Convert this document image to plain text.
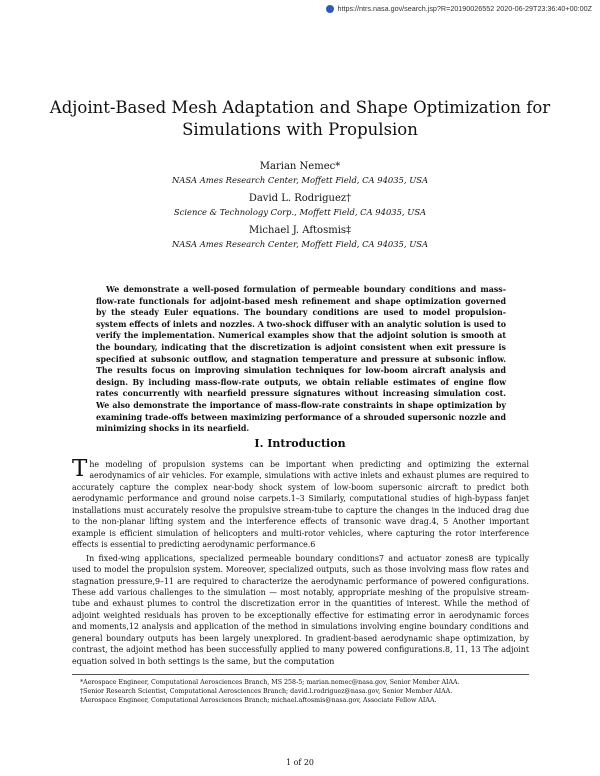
https://ntrs.nasa.gov/search.jsp?R=20190026552 2020-06-29T23:36:40+00:00Z
Adjoint-Based Mesh Adaptation and Shape Optimization for Simulations with Propulsion
Marian Nemec*
NASA Ames Research Center, Moffett Field, CA 94035, USA
David L. Rodriguez†
Science & Technology Corp., Moffett Field, CA 94035, USA
Michael J. Aftosmis‡
NASA Ames Research Center, Moffett Field, CA 94035, USA
We demonstrate a well-posed formulation of permeable boundary conditions and mass-flow-rate functionals for adjoint-based mesh refinement and shape optimization governed by the steady Euler equations. The boundary conditions are used to model propulsion-system effects of inlets and nozzles. A two-shock diffuser with an analytic solution is used to verify the implementation. Numerical examples show that the adjoint solution is smooth at the boundary, indicating that the discretization is adjoint consistent when exit pressure is specified at subsonic outflow, and stagnation temperature and pressure at subsonic inflow. The results focus on improving simulation techniques for low-boom aircraft analysis and design. By including mass-flow-rate outputs, we obtain reliable estimates of engine flow rates concurrently with nearfield pressure signatures without increasing simulation cost. We also demonstrate the importance of mass-flow-rate constraints in shape optimization by examining trade-offs between maximizing performance of a shrouded supersonic nozzle and minimizing shocks in its nearfield.
I. Introduction

The modeling of propulsion systems can be important when predicting and optimizing the external aerodynamics of air vehicles. For example, simulations with active inlets and exhaust plumes are required to accurately capture the complex near-body shock system of low-boom supersonic aircraft to predict both aerodynamic performance and ground noise carpets.1–3 Similarly, computational studies of high-bypass fanjet installations must accurately resolve the propulsive stream-tube to capture the changes in the induced drag due to the non-planar lifting system and the interference effects of transonic wave drag.4, 5 Another important example is efficient simulation of helicopters and multi-rotor vehicles, where capturing the rotor interference effects is essential to predicting aerodynamic performance.6

In fixed-wing applications, specialized permeable boundary conditions7 and actuator zones8 are typically used to model the propulsion system. Moreover, specialized outputs, such as those involving mass flow rates and stagnation pressure,9–11 are required to characterize the aerodynamic performance of powered configurations. These add various challenges to the simulation — most notably, appropriate meshing of the propulsive stream-tube and exhaust plumes to control the discretization error in the quantities of interest. While the method of adjoint weighted residuals has proven to be exceptionally effective for estimating error in aerodynamic forces and moments,12 analysis and application of the method in simulations involving engine boundary conditions and general boundary outputs has been largely unexplored. In gradient-based aerodynamic shape optimization, by contrast, the adjoint method has been successfully applied to many powered configurations.8, 11, 13 The adjoint equation solved in both settings is the same, but the computation

*Aerospace Engineer, Computational Aerosciences Branch, MS 258-5; marian.nemec@nasa.gov, Senior Member AIAA.
†Senior Research Scientist, Computational Aerosciences Branch; david.l.rodriguez@nasa.gov, Senior Member AIAA.
‡Aerospace Engineer, Computational Aerosciences Branch; michael.aftosmis@nasa.gov, Associate Fellow AIAA.
1 of 20
